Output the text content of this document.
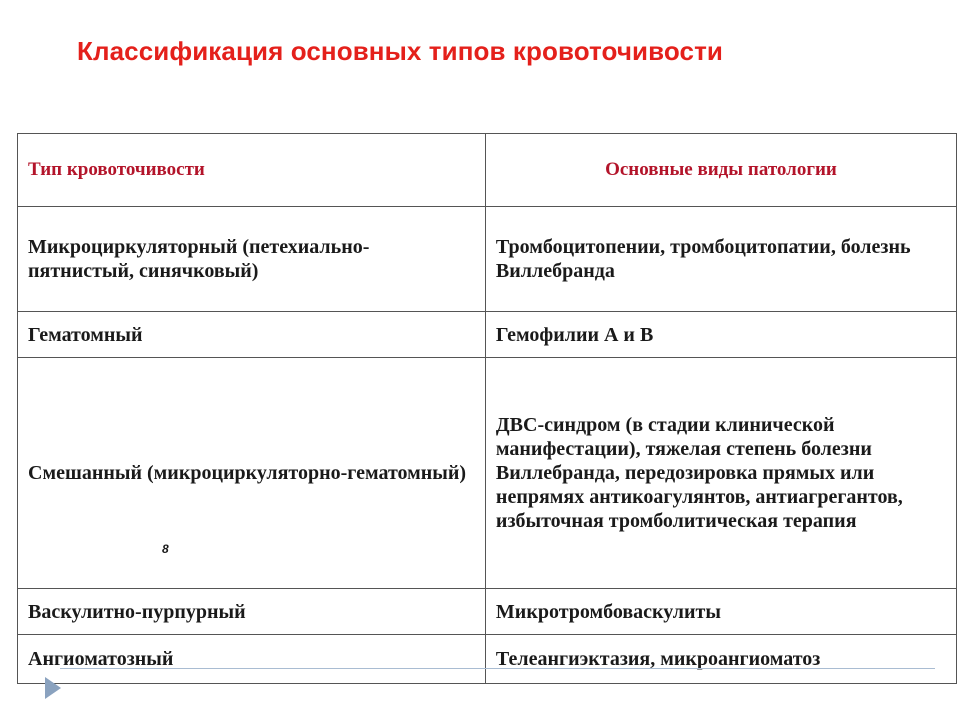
Классификация основных типов кровоточивости
Тип кровоточивости	Основные виды патологии
Микроциркуляторный (петехиально-пятнистый, синячковый)	Тромбоцитопении, тромбоцитопатии, болезнь Виллебранда
Гематомный	Гемофилии А и В
Смешанный (микроциркуляторно-гематомный)	ДВС-синдром (в стадии клинической манифестации), тяжелая степень болезни Виллебранда, передозировка прямых или непрямях антикоагулянтов, антиагрегантов, избыточная тромболитическая терапия
Васкулитно-пурпурный	Микротромбоваскулиты
Ангиоматозный	Телеангиэктазия, микроангиоматоз
8
